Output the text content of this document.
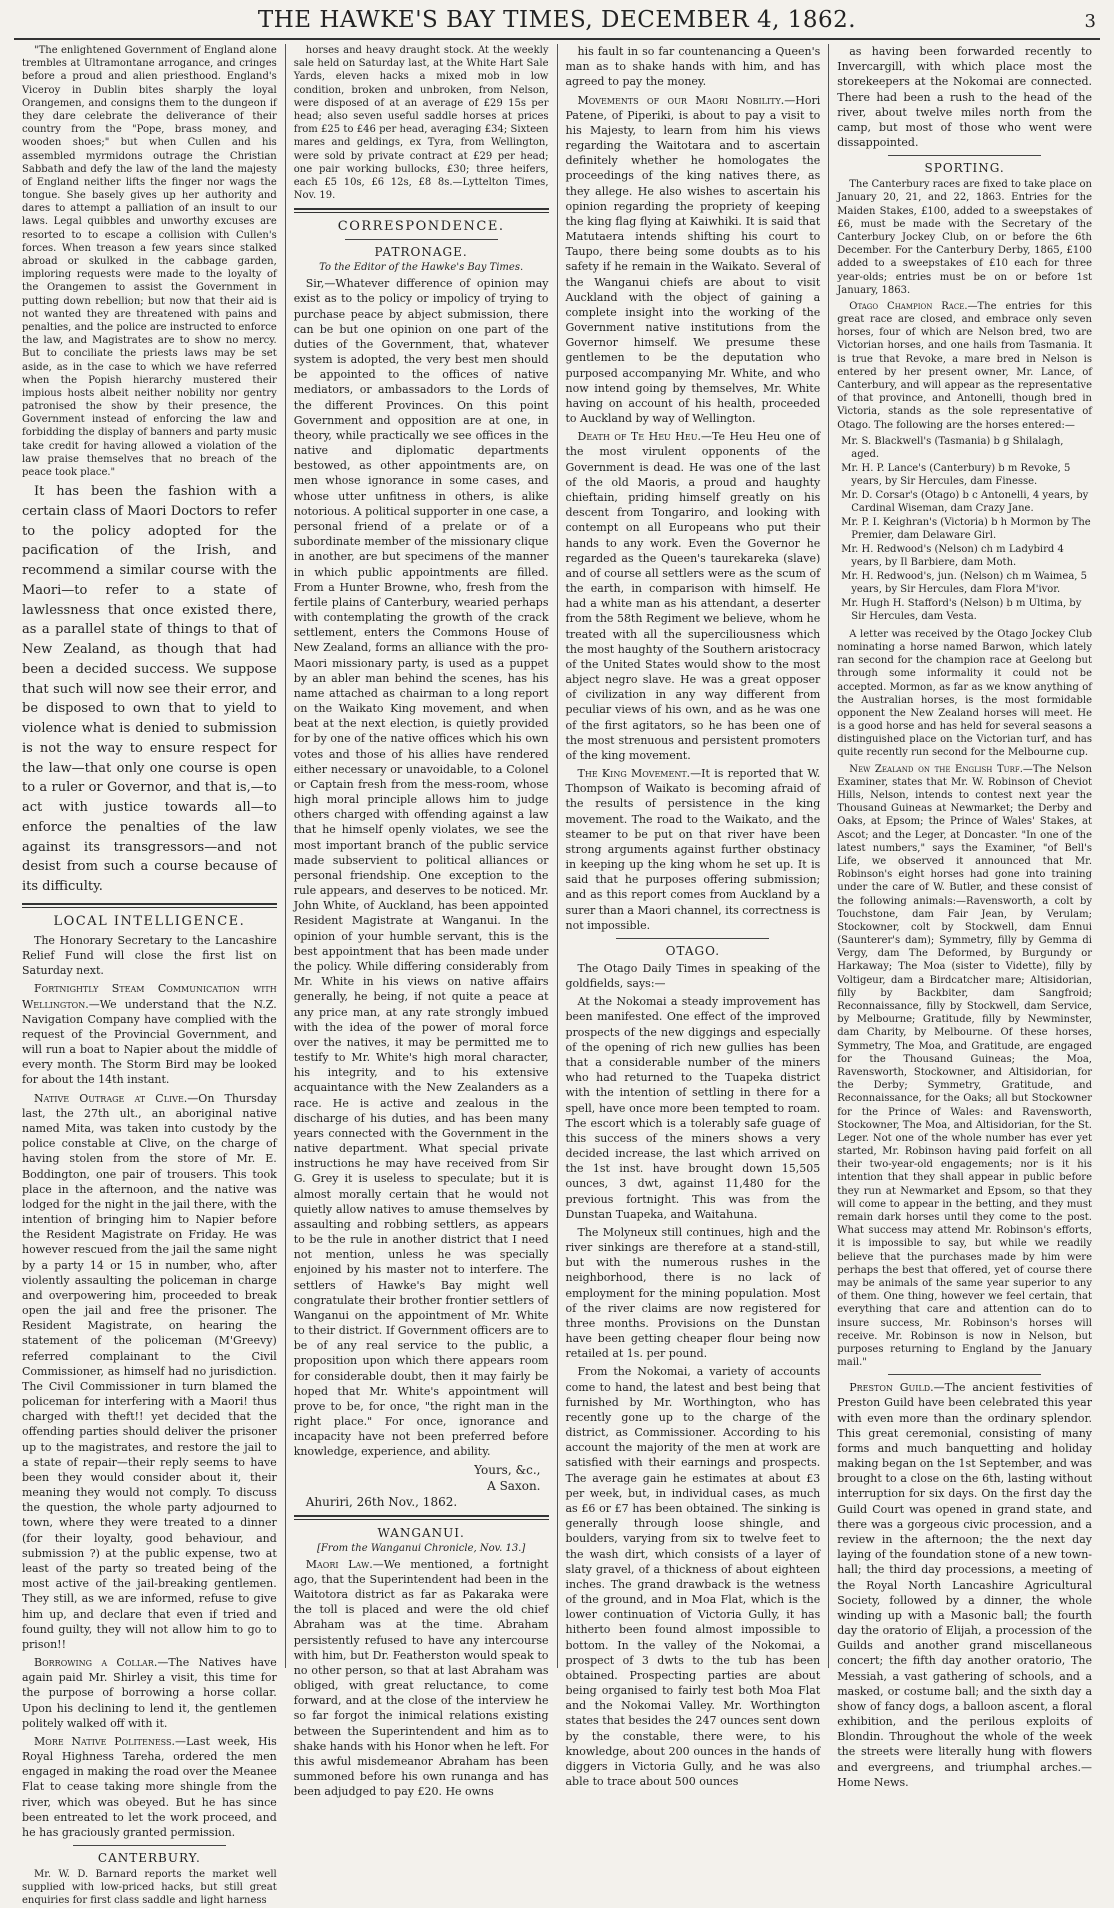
THE HAWKE'S BAY TIMES, DECEMBER 4, 1862.	3

"The enlightened Government of England alone trembles at Ultramontane arrogance, and cringes before a proud and alien priesthood. England's Viceroy in Dublin bites sharply the loyal Orangemen, and consigns them to the dungeon if they dare celebrate the deliverance of their country from the "Pope, brass money, and wooden shoes;" but when Cullen and his assembled myrmidons outrage the Christian Sabbath and defy the law of the land the majesty of England neither lifts the finger nor wags the tongue. She basely gives up her authority and dares to attempt a palliation of an insult to our laws. Legal quibbles and unworthy excuses are resorted to to escape a collision with Cullen's forces. When treason a few years since stalked abroad or skulked in the cabbage garden, imploring requests were made to the loyalty of the Orangemen to assist the Government in putting down rebellion; but now that their aid is not wanted they are threatened with pains and penalties, and the police are instructed to enforce the law, and Magistrates are to show no mercy. But to conciliate the priests laws may be set aside, as in the case to which we have referred when the Popish hierarchy mustered their impious hosts albeit neither nobility nor gentry patronised the show by their presence, the Government instead of enforcing the law and forbidding the display of banners and party music take credit for having allowed a violation of the law praise themselves that no breach of the peace took place."

It has been the fashion with a certain class of Maori Doctors to refer to the policy adopted for the pacification of the Irish, and recommend a similar course with the Maori—to refer to a state of lawlessness that once existed there, as a parallel state of things to that of New Zealand, as though that had been a decided success. We suppose that such will now see their error, and be disposed to own that to yield to violence what is denied to submission is not the way to ensure respect for the law—that only one course is open to a ruler or Governor, and that is,—to act with justice towards all—to enforce the penalties of the law against its transgressors—and not desist from such a course because of its difficulty.

LOCAL INTELLIGENCE.

The Honorary Secretary to the Lancashire Relief Fund will close the first list on Saturday next.

Fortnightly Steam Communication with Wellington.—We understand that the N.Z. Navigation Company have complied with the request of the Provincial Government, and will run a boat to Napier about the middle of every month. The Storm Bird may be looked for about the 14th instant.

Native Outrage at Clive.—On Thursday last, the 27th ult., an aboriginal native named Mita, was taken into custody by the police constable at Clive, on the charge of having stolen from the store of Mr. E. Boddington, one pair of trousers. This took place in the afternoon, and the native was lodged for the night in the jail there, with the intention of bringing him to Napier before the Resident Magistrate on Friday. He was however rescued from the jail the same night by a party 14 or 15 in number, who, after violently assaulting the policeman in charge and overpowering him, proceeded to break open the jail and free the prisoner. The Resident Magistrate, on hearing the statement of the policeman (M'Greevy) referred complainant to the Civil Commissioner, as himself had no jurisdiction. The Civil Commissioner in turn blamed the policeman for interfering with a Maori! thus charged with theft!! yet decided that the offending parties should deliver the prisoner up to the magistrates, and restore the jail to a state of repair—their reply seems to have been they would consider about it, their meaning they would not comply. To discuss the question, the whole party adjourned to town, where they were treated to a dinner (for their loyalty, good behaviour, and submission ?) at the public expense, two at least of the party so treated being of the most active of the jail-breaking gentlemen. They still, as we are informed, refuse to give him up, and declare that even if tried and found guilty, they will not allow him to go to prison!!

Borrowing a Collar.—The Natives have again paid Mr. Shirley a visit, this time for the purpose of borrowing a horse collar. Upon his declining to lend it, the gentlemen politely walked off with it.

More Native Politeness.—Last week, His Royal Highness Tareha, ordered the men engaged in making the road over the Meanee Flat to cease taking more shingle from the river, which was obeyed. But he has since been entreated to let the work proceed, and he has graciously granted permission.

CANTERBURY.

Mr. W. D. Barnard reports the market well supplied with low-priced hacks, but still great enquiries for first class saddle and light harness

horses and heavy draught stock. At the weekly sale held on Saturday last, at the White Hart Sale Yards, eleven hacks a mixed mob in low condition, broken and unbroken, from Nelson, were disposed of at an average of £29 15s per head; also seven useful saddle horses at prices from £25 to £46 per head, averaging £34; Sixteen mares and geldings, ex Tyra, from Wellington, were sold by private contract at £29 per head; one pair working bullocks, £30; three heifers, each £5 10s, £6 12s, £8 8s.—Lyttelton Times, Nov. 19.

CORRESPONDENCE.
PATRONAGE.
To the Editor of the Hawke's Bay Times.

Sir,—Whatever difference of opinion may exist as to the policy or impolicy of trying to purchase peace by abject submission, there can be but one opinion on one part of the duties of the Government, that, whatever system is adopted, the very best men should be appointed to the offices of native mediators, or ambassadors to the Lords of the different Provinces. On this point Government and opposition are at one, in theory, while practically we see offices in the native and diplomatic departments bestowed, as other appointments are, on men whose ignorance in some cases, and whose utter unfitness in others, is alike notorious. A political supporter in one case, a personal friend of a prelate or of a subordinate member of the missionary clique in another, are but specimens of the manner in which public appointments are filled. From a Hunter Browne, who, fresh from the fertile plains of Canterbury, wearied perhaps with contemplating the growth of the crack settlement, enters the Commons House of New Zealand, forms an alliance with the pro-Maori missionary party, is used as a puppet by an abler man behind the scenes, has his name attached as chairman to a long report on the Waikato King movement, and when beat at the next election, is quietly provided for by one of the native offices which his own votes and those of his allies have rendered either necessary or unavoidable, to a Colonel or Captain fresh from the mess-room, whose high moral principle allows him to judge others charged with offending against a law that he himself openly violates, we see the most important branch of the public service made subservient to political alliances or personal friendship. One exception to the rule appears, and deserves to be noticed. Mr. John White, of Auckland, has been appointed Resident Magistrate at Wanganui. In the opinion of your humble servant, this is the best appointment that has been made under the policy. While differing considerably from Mr. White in his views on native affairs generally, he being, if not quite a peace at any price man, at any rate strongly imbued with the idea of the power of moral force over the natives, it may be permitted me to testify to Mr. White's high moral character, his integrity, and to his extensive acquaintance with the New Zealanders as a race. He is active and zealous in the discharge of his duties, and has been many years connected with the Government in the native department. What special private instructions he may have received from Sir G. Grey it is useless to speculate; but it is almost morally certain that he would not quietly allow natives to amuse themselves by assaulting and robbing settlers, as appears to be the rule in another district that I need not mention, unless he was specially enjoined by his master not to interfere. The settlers of Hawke's Bay might well congratulate their brother frontier settlers of Wanganui on the appointment of Mr. White to their district. If Government officers are to be of any real service to the public, a proposition upon which there appears room for considerable doubt, then it may fairly be hoped that Mr. White's appointment will prove to be, for once, "the right man in the right place." For once, ignorance and incapacity have not been preferred before knowledge, experience, and ability.

Yours, &c.,
A Saxon.
Ahuriri, 26th Nov., 1862.
WANGANUI.
[From the Wanganui Chronicle, Nov. 13.]

Maori Law.—We mentioned, a fortnight ago, that the Superintendent had been in the Waitotora district as far as Pakaraka were the toll is placed and were the old chief Abraham was at the time. Abraham persistently refused to have any intercourse with him, but Dr. Featherston would speak to no other person, so that at last Abraham was obliged, with great reluctance, to come forward, and at the close of the interview he so far forgot the inimical relations existing between the Superintendent and him as to shake hands with his Honor when he left. For this awful misdemeanor Abraham has been summoned before his own runanga and has been adjudged to pay £20. He owns

his fault in so far countenancing a Queen's man as to shake hands with him, and has agreed to pay the money.

Movements of our Maori Nobility.—Hori Patene, of Piperiki, is about to pay a visit to his Majesty, to learn from him his views regarding the Waitotara and to ascertain definitely whether he homologates the proceedings of the king natives there, as they allege. He also wishes to ascertain his opinion regarding the propriety of keeping the king flag flying at Kaiwhiki. It is said that Matutaera intends shifting his court to Taupo, there being some doubts as to his safety if he remain in the Waikato. Several of the Wanganui chiefs are about to visit Auckland with the object of gaining a complete insight into the working of the Government native institutions from the Governor himself. We presume these gentlemen to be the deputation who purposed accompanying Mr. White, and who now intend going by themselves, Mr. White having on account of his health, proceeded to Auckland by way of Wellington.

Death of Te Heu Heu.—Te Heu Heu one of the most virulent opponents of the Government is dead. He was one of the last of the old Maoris, a proud and haughty chieftain, priding himself greatly on his descent from Tongariro, and looking with contempt on all Europeans who put their hands to any work. Even the Governor he regarded as the Queen's taurekareka (slave) and of course all settlers were as the scum of the earth, in comparison with himself. He had a white man as his attendant, a deserter from the 58th Regiment we believe, whom he treated with all the superciliousness which the most haughty of the Southern aristocracy of the United States would show to the most abject negro slave. He was a great opposer of civilization in any way different from peculiar views of his own, and as he was one of the first agitators, so he has been one of the most strenuous and persistent promoters of the king movement.

The King Movement.—It is reported that W. Thompson of Waikato is becoming afraid of the results of persistence in the king movement. The road to the Waikato, and the steamer to be put on that river have been strong arguments against further obstinacy in keeping up the king whom he set up. It is said that he purposes offering submission; and as this report comes from Auckland by a surer than a Maori channel, its correctness is not impossible.

OTAGO.

The Otago Daily Times in speaking of the goldfields, says:—

At the Nokomai a steady improvement has been manifested. One effect of the improved prospects of the new diggings and especially of the opening of rich new gullies has been that a considerable number of the miners who had returned to the Tuapeka district with the intention of settling in there for a spell, have once more been tempted to roam. The escort which is a tolerably safe guage of this success of the miners shows a very decided increase, the last which arrived on the 1st inst. have brought down 15,505 ounces, 3 dwt, against 11,480 for the previous fortnight. This was from the Dunstan Tuapeka, and Waitahuna.

The Molyneux still continues, high and the river sinkings are therefore at a stand-still, but with the numerous rushes in the neighborhood, there is no lack of employment for the mining population. Most of the river claims are now registered for three months. Provisions on the Dunstan have been getting cheaper flour being now retailed at 1s. per pound.

From the Nokomai, a variety of accounts come to hand, the latest and best being that furnished by Mr. Worthington, who has recently gone up to the charge of the district, as Commissioner. According to his account the majority of the men at work are satisfied with their earnings and prospects. The average gain he estimates at about £3 per week, but, in individual cases, as much as £6 or £7 has been obtained. The sinking is generally through loose shingle, and boulders, varying from six to twelve feet to the wash dirt, which consists of a layer of slaty gravel, of a thickness of about eighteen inches. The grand drawback is the wetness of the ground, and in Moa Flat, which is the lower continuation of Victoria Gully, it has hitherto been found almost impossible to bottom. In the valley of the Nokomai, a prospect of 3 dwts to the tub has been obtained. Prospecting parties are about being organised to fairly test both Moa Flat and the Nokomai Valley. Mr. Worthington states that besides the 247 ounces sent down by the constable, there were, to his knowledge, about 200 ounces in the hands of diggers in Victoria Gully, and he was also able to trace about 500 ounces

as having been forwarded recently to Invercargill, with which place most the storekeepers at the Nokomai are connected. There had been a rush to the head of the river, about twelve miles north from the camp, but most of those who went were dissappointed.

SPORTING.

The Canterbury races are fixed to take place on January 20, 21, and 22, 1863. Entries for the Maiden Stakes, £100, added to a sweepstakes of £6, must be made with the Secretary of the Canterbury Jockey Club, on or before the 6th December. For the Canterbury Derby, 1865, £100 added to a sweepstakes of £10 each for three year-olds; entries must be on or before 1st January, 1863.

Otago Champion Race.—The entries for this great race are closed, and embrace only seven horses, four of which are Nelson bred, two are Victorian horses, and one hails from Tasmania. It is true that Revoke, a mare bred in Nelson is entered by her present owner, Mr. Lance, of Canterbury, and will appear as the representative of that province, and Antonelli, though bred in Victoria, stands as the sole representative of Otago. The following are the horses entered:—

Mr. S. Blackwell's (Tasmania) b g Shilalagh, aged.
Mr. H. P. Lance's (Canterbury) b m Revoke, 5 years, by Sir Hercules, dam Finesse.
Mr. D. Corsar's (Otago) b c Antonelli, 4 years, by Cardinal Wiseman, dam Crazy Jane.
Mr. P. I. Keighran's (Victoria) b h Mormon by The Premier, dam Delaware Girl.
Mr. H. Redwood's (Nelson) ch m Ladybird 4 years, by Il Barbiere, dam Moth.
Mr. H. Redwood's, jun. (Nelson) ch m Waimea, 5 years, by Sir Hercules, dam Flora M'ivor.
Mr. Hugh H. Stafford's (Nelson) b m Ultima, by Sir Hercules, dam Vesta.

A letter was received by the Otago Jockey Club nominating a horse named Barwon, which lately ran second for the champion race at Geelong but through some informality it could not be accepted. Mormon, as far as we know anything of the Australian horses, is the most formidable opponent the New Zealand horses will meet. He is a good horse and has held for several seasons a distinguished place on the Victorian turf, and has quite recently run second for the Melbourne cup.

New Zealand on the English Turf.—The Nelson Examiner, states that Mr. W. Robinson of Cheviot Hills, Nelson, intends to contest next year the Thousand Guineas at Newmarket; the Derby and Oaks, at Epsom; the Prince of Wales' Stakes, at Ascot; and the Leger, at Doncaster. "In one of the latest numbers," says the Examiner, "of Bell's Life, we observed it announced that Mr. Robinson's eight horses had gone into training under the care of W. Butler, and these consist of the following animals:—Ravensworth, a colt by Touchstone, dam Fair Jean, by Verulam; Stockowner, colt by Stockwell, dam Ennui (Saunterer's dam); Symmetry, filly by Gemma di Vergy, dam The Deformed, by Burgundy or Harkaway; The Moa (sister to Vidette), filly by Voltigeur, dam a Birdcatcher mare; Altisidorian, filly by Backbiter, dam Sangfroid; Reconnaissance, filly by Stockwell, dam Service, by Melbourne; Gratitude, filly by Newminster, dam Charity, by Melbourne. Of these horses, Symmetry, The Moa, and Gratitude, are engaged for the Thousand Guineas; the Moa, Ravensworth, Stockowner, and Altisidorian, for the Derby; Symmetry, Gratitude, and Reconnaissance, for the Oaks; all but Stockowner for the Prince of Wales: and Ravensworth, Stockowner, The Moa, and Altisidorian, for the St. Leger. Not one of the whole number has ever yet started, Mr. Robinson having paid forfeit on all their two-year-old engagements; nor is it his intention that they shall appear in public before they run at Newmarket and Epsom, so that they will come to appear in the betting, and they must remain dark horses until they come to the post. What success may attend Mr. Robinson's efforts, it is impossible to say, but while we readily believe that the purchases made by him were perhaps the best that offered, yet of course there may be animals of the same year superior to any of them. One thing, however we feel certain, that everything that care and attention can do to insure success, Mr. Robinson's horses will receive. Mr. Robinson is now in Nelson, but purposes returning to England by the January mail."

Preston Guild.—The ancient festivities of Preston Guild have been celebrated this year with even more than the ordinary splendor. This great ceremonial, consisting of many forms and much banquetting and holiday making began on the 1st September, and was brought to a close on the 6th, lasting without interruption for six days. On the first day the Guild Court was opened in grand state, and there was a gorgeous civic procession, and a review in the afternoon; the the next day laying of the foundation stone of a new town-hall; the third day processions, a meeting of the Royal North Lancashire Agricultural Society, followed by a dinner, the whole winding up with a Masonic ball; the fourth day the oratorio of Elijah, a procession of the Guilds and another grand miscellaneous concert; the fifth day another oratorio, The Messiah, a vast gathering of schools, and a masked, or costume ball; and the sixth day a show of fancy dogs, a balloon ascent, a floral exhibition, and the perilous exploits of Blondin. Throughout the whole of the week the streets were literally hung with flowers and evergreens, and triumphal arches.—Home News.
